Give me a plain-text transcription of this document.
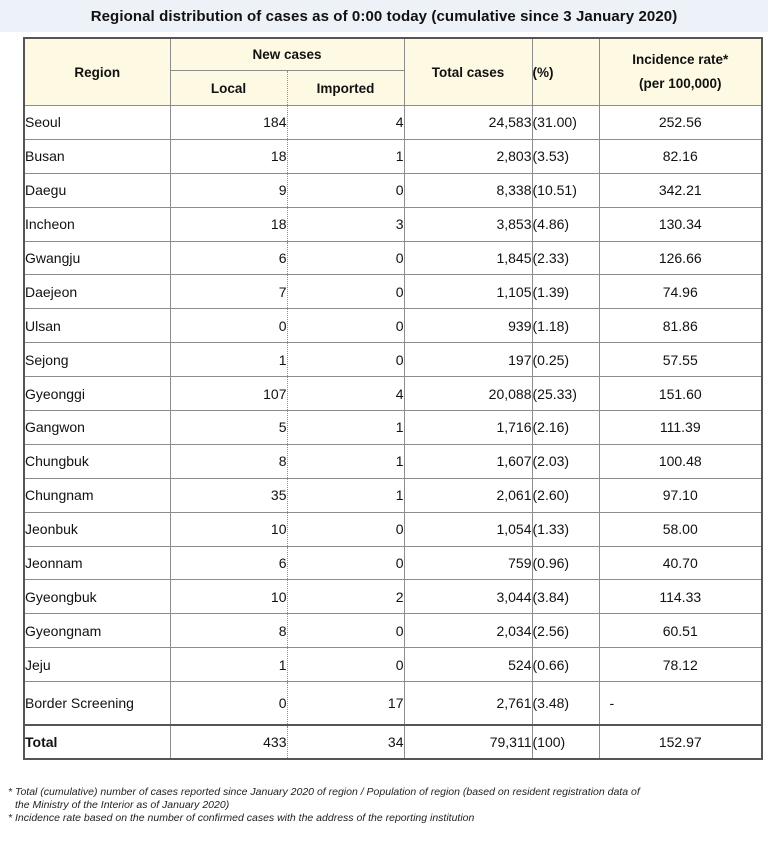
Regional distribution of cases as of 0:00 today (cumulative since 3 January 2020)
Region	New cases		Total cases	(%)	Incidence rate*
(per 100,000)

	Local	Imported			
Seoul	184	4	24,583	(31.00)	252.56
Busan	18	1	2,803	(3.53)	82.16
Daegu	9	0	8,338	(10.51)	342.21
Incheon	18	3	3,853	(4.86)	130.34
Gwangju	6	0	1,845	(2.33)	126.66
Daejeon	7	0	1,105	(1.39)	74.96
Ulsan	0	0	939	(1.18)	81.86
Sejong	1	0	197	(0.25)	57.55
Gyeonggi	107	4	20,088	(25.33)	151.60
Gangwon	5	1	1,716	(2.16)	111.39
Chungbuk	8	1	1,607	(2.03)	100.48
Chungnam	35	1	2,061	(2.60)	97.10
Jeonbuk	10	0	1,054	(1.33)	58.00
Jeonnam	6	0	759	(0.96)	40.70
Gyeongbuk	10	2	3,044	(3.84)	114.33
Gyeongnam	8	0	2,034	(2.56)	60.51
Jeju	1	0	524	(0.66)	78.12
Border Screening	0	17	2,761	(3.48)	-
Total	433	34	79,311	(100)	152.97

* Total (cumulative) number of cases reported since January 2020 of region / Population of region (based on resident registration data of

the Ministry of the Interior as of January 2020)

* Incidence rate based on the number of confirmed cases with the address of the reporting institution
